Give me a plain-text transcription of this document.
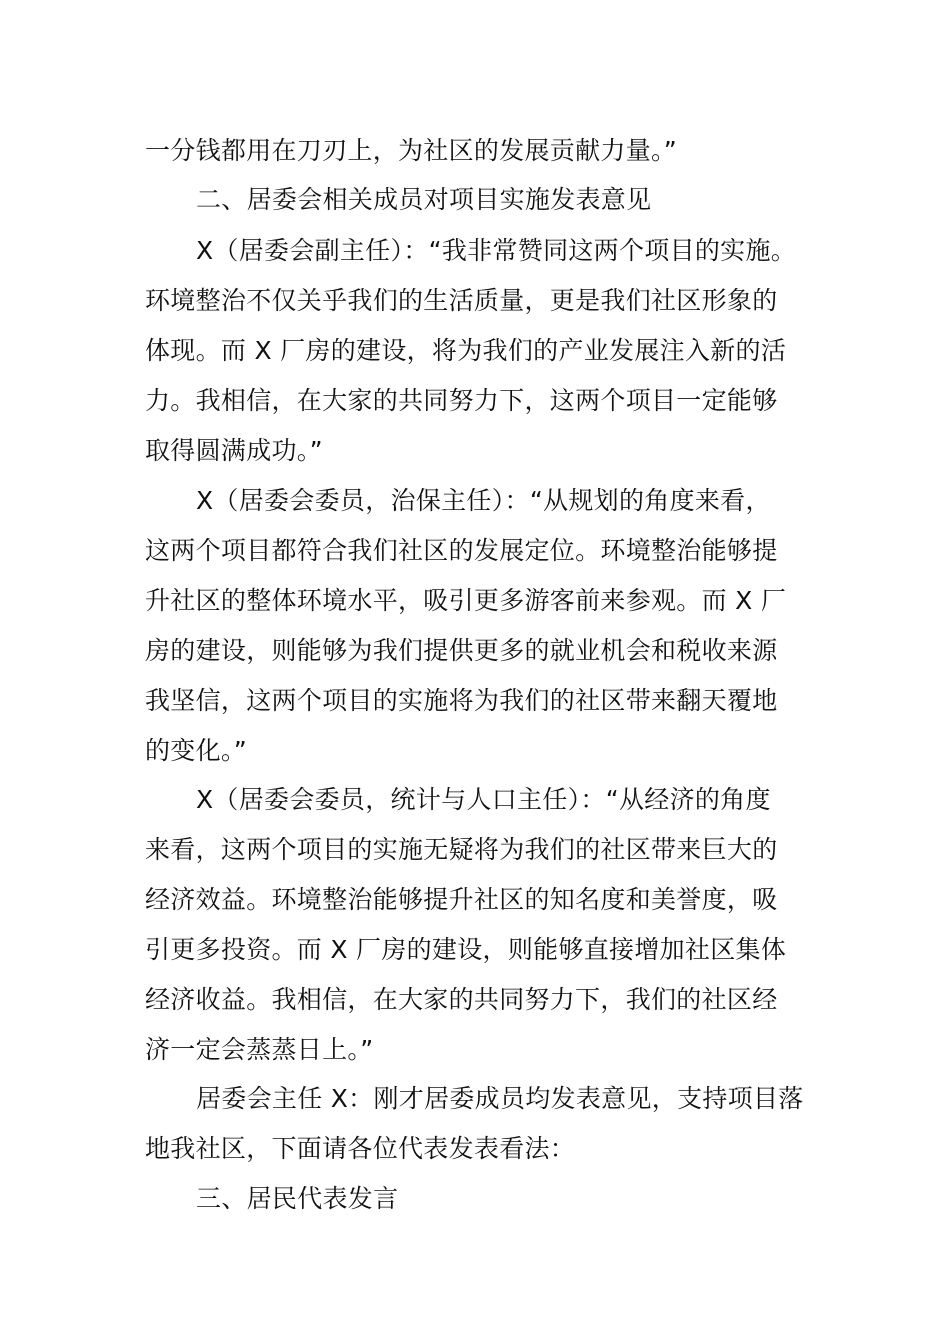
一分钱都用在刀刃上，为社区的发展贡献力量。”
二、居委会相关成员对项目实施发表意见
X（居委会副主任）：“我非常赞同这两个项目的实施。
环境整治不仅关乎我们的生活质量，更是我们社区形象的
体现。而 X 厂房的建设，将为我们的产业发展注入新的活
力。我相信，在大家的共同努力下，这两个项目一定能够
取得圆满成功。”
X（居委会委员，治保主任）：“从规划的角度来看，
这两个项目都符合我们社区的发展定位。环境整治能够提
升社区的整体环境水平，吸引更多游客前来参观。而 X 厂
房的建设，则能够为我们提供更多的就业机会和税收来源
我坚信，这两个项目的实施将为我们的社区带来翻天覆地
的变化。”
X（居委会委员，统计与人口主任）：“从经济的角度
来看，这两个项目的实施无疑将为我们的社区带来巨大的
经济效益。环境整治能够提升社区的知名度和美誉度，吸
引更多投资。而 X 厂房的建设，则能够直接增加社区集体
经济收益。我相信，在大家的共同努力下，我们的社区经
济一定会蒸蒸日上。”
居委会主任 X：刚才居委成员均发表意见，支持项目落
地我社区，下面请各位代表发表看法：
三、居民代表发言
